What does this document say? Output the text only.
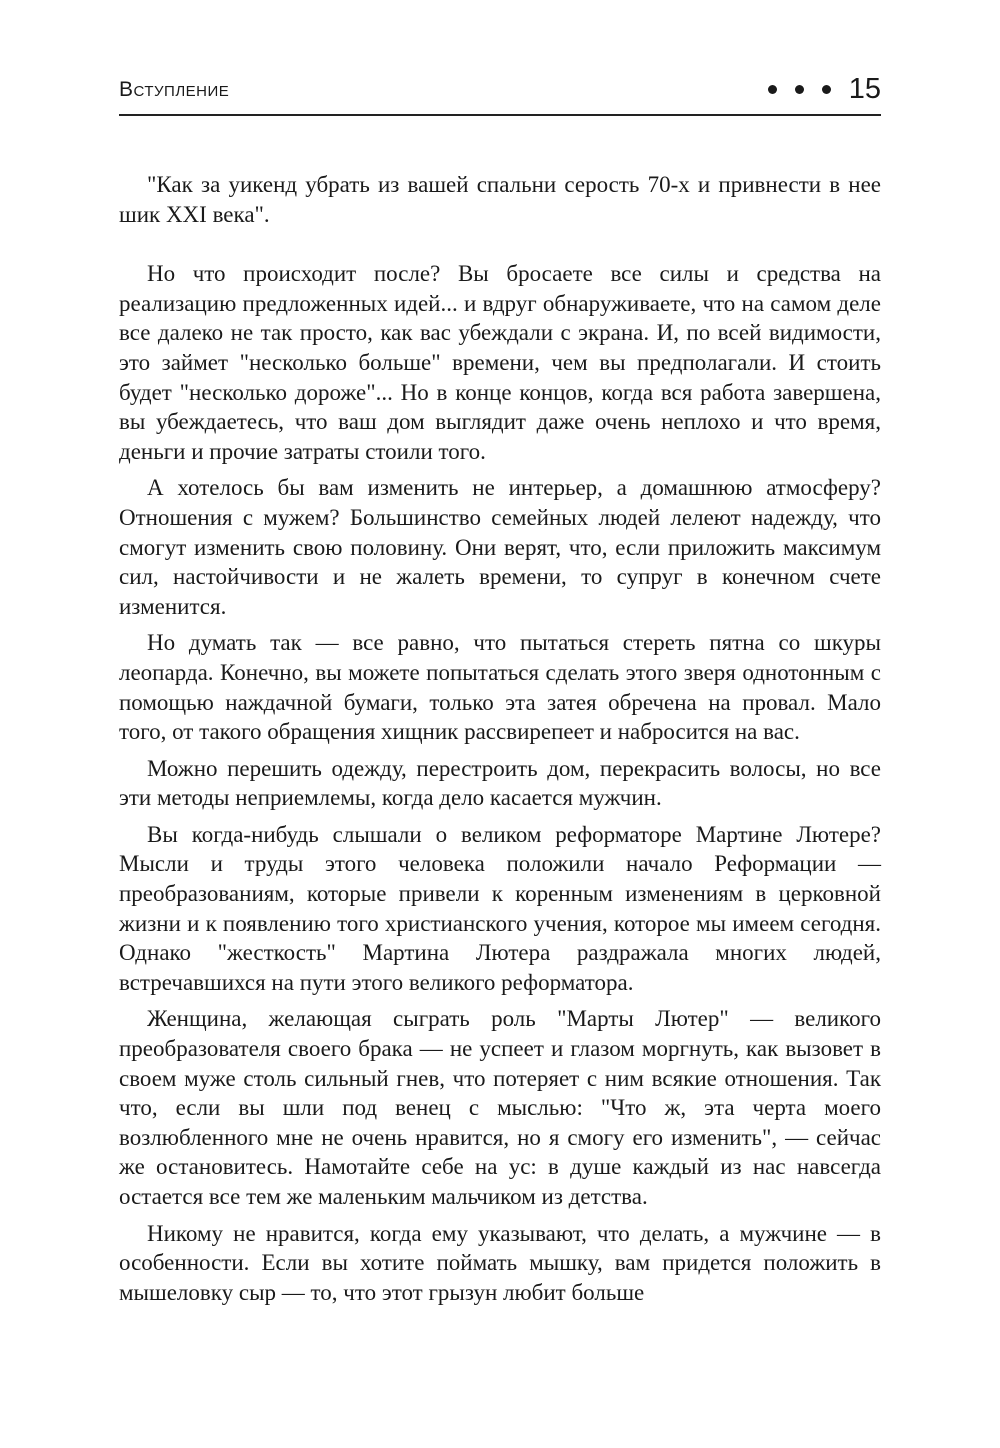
Вступление	15

"Как за уикенд убрать из вашей спальни серость 70-х и привнести в нее шик XXI века".

Но что происходит после? Вы бросаете все силы и средства на реализацию предложенных идей... и вдруг обнаруживаете, что на самом деле все далеко не так просто, как вас убеждали с экрана. И, по всей видимости, это займет "несколько больше" времени, чем вы предполагали. И стоить будет "несколько дороже"... Но в конце концов, когда вся работа завершена, вы убеждаетесь, что ваш дом выглядит даже очень неплохо и что время, деньги и прочие затраты стоили того.

А хотелось бы вам изменить не интерьер, а домашнюю атмосферу? Отношения с мужем? Большинство семейных людей лелеют надежду, что смогут изменить свою половину. Они верят, что, если приложить максимум сил, настойчивости и не жалеть времени, то супруг в конечном счете изменится.

Но думать так — все равно, что пытаться стереть пятна со шкуры леопарда. Конечно, вы можете попытаться сделать этого зверя однотонным с помощью наждачной бумаги, только эта затея обречена на провал. Мало того, от такого обращения хищник рассвирепеет и набросится на вас.

Можно перешить одежду, перестроить дом, перекрасить волосы, но все эти методы неприемлемы, когда дело касается мужчин.

Вы когда-нибудь слышали о великом реформаторе Мартине Лютере? Мысли и труды этого человека положили начало Реформации — преобразованиям, которые привели к коренным изменениям в церковной жизни и к появлению того христианского учения, которое мы имеем сегодня. Однако "жесткость" Мартина Лютера раздражала многих людей, встречавшихся на пути этого великого реформатора.

Женщина, желающая сыграть роль "Марты Лютер" — великого преобразователя своего брака — не успеет и глазом моргнуть, как вызовет в своем муже столь сильный гнев, что потеряет с ним всякие отношения. Так что, если вы шли под венец с мыслью: "Что ж, эта черта моего возлюбленного мне не очень нравится, но я смогу его изменить", — сейчас же остановитесь. Намотайте себе на ус: в душе каждый из нас навсегда остается все тем же маленьким мальчиком из детства.

Никому не нравится, когда ему указывают, что делать, а мужчине — в особенности. Если вы хотите поймать мышку, вам придется положить в мышеловку сыр — то, что этот грызун любит больше
